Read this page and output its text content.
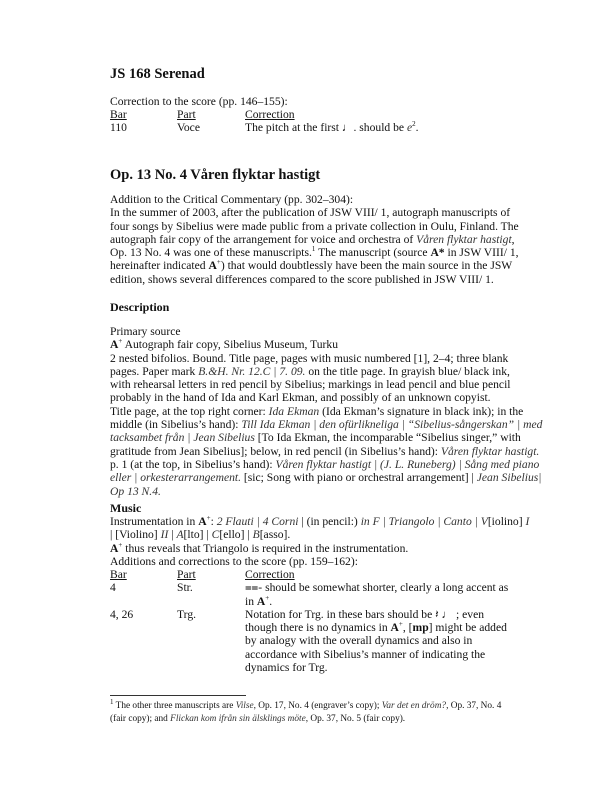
JS 168 Serenad
Correction to the score (pp. 146–155):
Bar	Part	Correction
110	Voce	The pitch at the first ♩. should be $e^2$.
Op. 13 No. 4 Våren flyktar hastigt
Addition to the Critical Commentary (pp. 302–304):
In the summer of 2003, after the publication of JSW VIII/ 1, autograph manuscripts of
four songs by Sibelius were made public from a private collection in Oulu, Finland. The
autograph fair copy of the arrangement for voice and orchestra of Våren flyktar hastigt,
Op. 13 No. 4 was one of these manuscripts.$^1$ The manuscript (source A* in JSW VIII/ 1,
hereinafter indicated A+) that would doubtlessly have been the main source in the JSW
edition, shows several differences compared to the score published in JSW VIII/ 1.
Description
Primary source
A+ Autograph fair copy, Sibelius Museum, Turku
2 nested bifolios. Bound. Title page, pages with music numbered [1], 2–4; three blank
pages. Paper mark B.&H. Nr. 12.C | 7. 09. on the title page. In grayish blue/ black ink,
with rehearsal letters in red pencil by Sibelius; markings in lead pencil and blue pencil
probably in the hand of Ida and Karl Ekman, and possibly of an unknown copyist.
Title page, at the top right corner: Ida Ekman (Ida Ekman’s signature in black ink); in the
middle (in Sibelius’s hand): Till Ida Ekman | den ofürlikneliga | “Sibelius-sångerskan” | med
tacksambet från | Jean Sibelius [To Ida Ekman, the incomparable “Sibelius singer,” with
gratitude from Jean Sibelius]; below, in red pencil (in Sibelius’s hand): Våren flyktar hastigt.
p. 1 (at the top, in Sibelius’s hand): Våren flyktar hastigt | (J. L. Runeberg) | Sång med piano
eller | orkesterarrangement. [sic; Song with piano or orchestral arrangement] | Jean Sibelius|
Op 13 N.4.
Music
Instrumentation in A+: 2 Flauti | 4 Corni | (in pencil:) in F | Triangolo | Canto | V[iolino] I
| [Violino] II | A[lto] | C[ello] | B[asso].
A+ thus reveals that Triangolo is required in the instrumentation.
Additions and corrections to the score (pp. 159–162):
Bar	Part	Correction
4	Str.	⩵- should be somewhat shorter, clearly a long accent as
in A+.
4, 26	Trg.	Notation for Trg. in these bars should be 𝄽 ♩ ; even
though there is no dynamics in A+, [mp] might be added
by analogy with the overall dynamics and also in
accordance with Sibelius’s manner of indicating the
dynamics for Trg.
$^1$ The other three manuscripts are Vilse, Op. 17, No. 4 (engraver’s copy); Var det en dröm?, Op. 37, No. 4
(fair copy); and Flickan kom ifrån sin älsklings möte, Op. 37, No. 5 (fair copy).
